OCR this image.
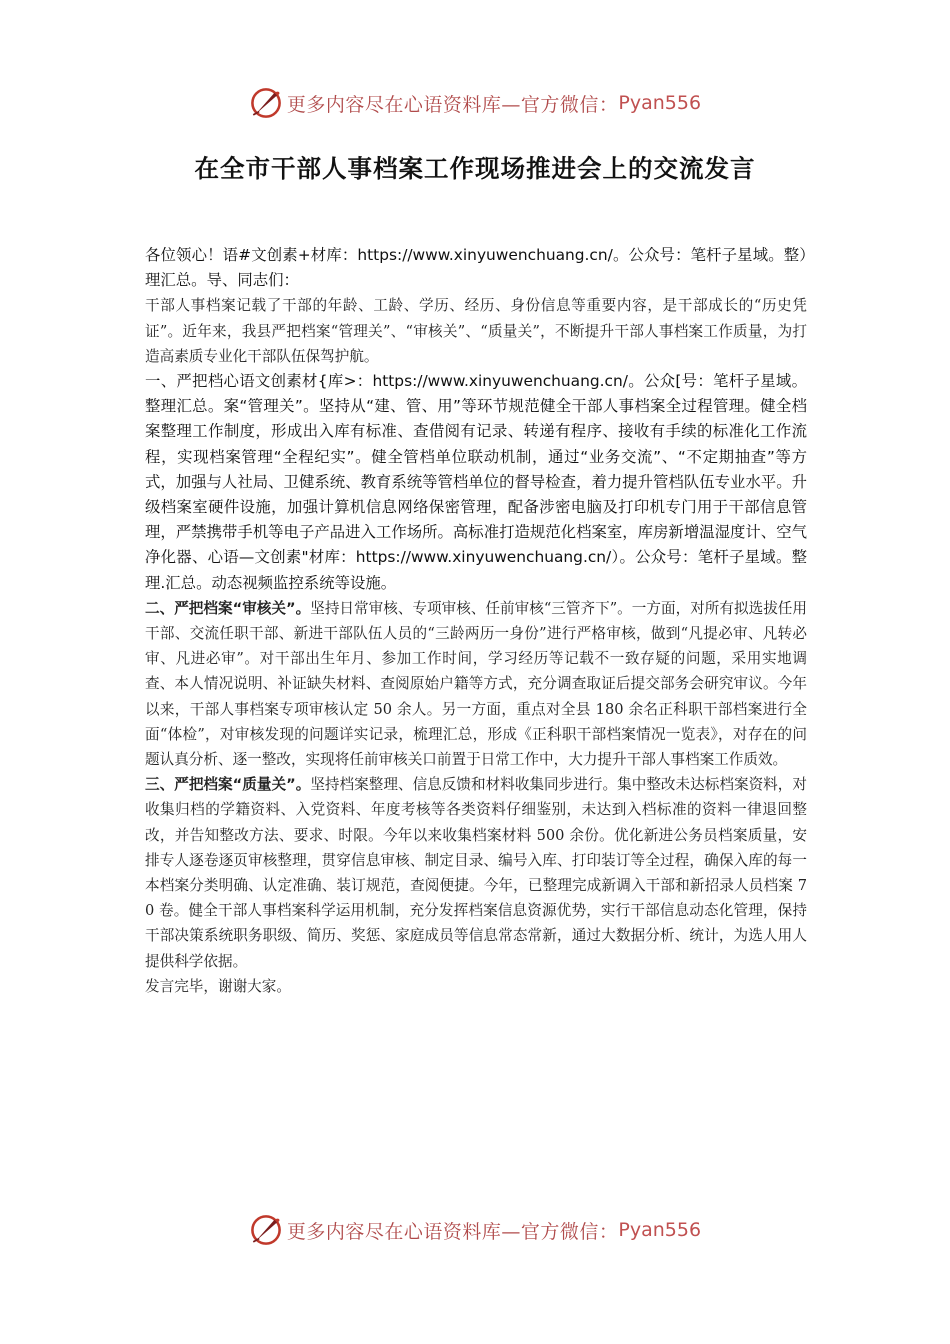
更多内容尽在心语资料库—官方微信： Pyan556
在全市干部人事档案工作现场推进会上的交流发言

各位领心！语#文创素+材库：https://www.xinyuwenchuang.cn/。公众号：笔杆子星域。整）理汇总。导、同志们：

干部人事档案记载了干部的年龄、工龄、学历、经历、身份信息等重要内容，是干部成长的“历史凭证”。近年来，我县严把档案“管理关”、“审核关”、“质量关”，不断提升干部人事档案工作质量，为打造高素质专业化干部队伍保驾护航。

一、严把档心语文创素材{库>：https://www.xinyuwenchuang.cn/。公众[号：笔杆子星域。整理汇总。案“管理关”。坚持从“建、管、用”等环节规范健全干部人事档案全过程管理。健全档案整理工作制度，形成出入库有标准、查借阅有记录、转递有程序、接收有手续的标准化工作流程，实现档案管理“全程纪实”。健全管档单位联动机制，通过“业务交流”、“不定期抽查”等方式，加强与人社局、卫健系统、教育系统等管档单位的督导检查，着力提升管档队伍专业水平。升级档案室硬件设施，加强计算机信息网络保密管理，配备涉密电脑及打印机专门用于干部信息管理，严禁携带手机等电子产品进入工作场所。高标准打造规范化档案室，库房新增温湿度计、空气净化器、心语—文创素"材库：https://www.xinyuwenchuang.cn/）。公众号：笔杆子星域。整理.汇总。动态视频监控系统等设施。

二、严把档案“审核关”。坚持日常审核、专项审核、任前审核“三管齐下”。一方面，对所有拟选拔任用干部、交流任职干部、新进干部队伍人员的“三龄两历一身份”进行严格审核，做到“凡提必审、凡转必审、凡进必审”。对干部出生年月、参加工作时间，学习经历等记载不一致存疑的问题，采用实地调查、本人情况说明、补证缺失材料、查阅原始户籍等方式，充分调查取证后提交部务会研究审议。今年以来，干部人事档案专项审核认定 50 余人。另一方面，重点对全县 180 余名正科职干部档案进行全面“体检”，对审核发现的问题详实记录，梳理汇总，形成《正科职干部档案情况一览表》，对存在的问题认真分析、逐一整改，实现将任前审核关口前置于日常工作中，大力提升干部人事档案工作质效。

三、严把档案“质量关”。坚持档案整理、信息反馈和材料收集同步进行。集中整改未达标档案资料，对收集归档的学籍资料、入党资料、年度考核等各类资料仔细鉴别，未达到入档标准的资料一律退回整改，并告知整改方法、要求、时限。今年以来收集档案材料 500 余份。优化新进公务员档案质量，安排专人逐卷逐页审核整理，贯穿信息审核、制定目录、编号入库、打印装订等全过程，确保入库的每一本档案分类明确、认定准确、装订规范，查阅便捷。今年，已整理完成新调入干部和新招录人员档案 70 卷。健全干部人事档案科学运用机制，充分发挥档案信息资源优势，实行干部信息动态化管理，保持干部决策系统职务职级、简历、奖惩、家庭成员等信息常态常新，通过大数据分析、统计，为选人用人提供科学依据。

发言完毕，谢谢大家。

更多内容尽在心语资料库—官方微信： Pyan556
